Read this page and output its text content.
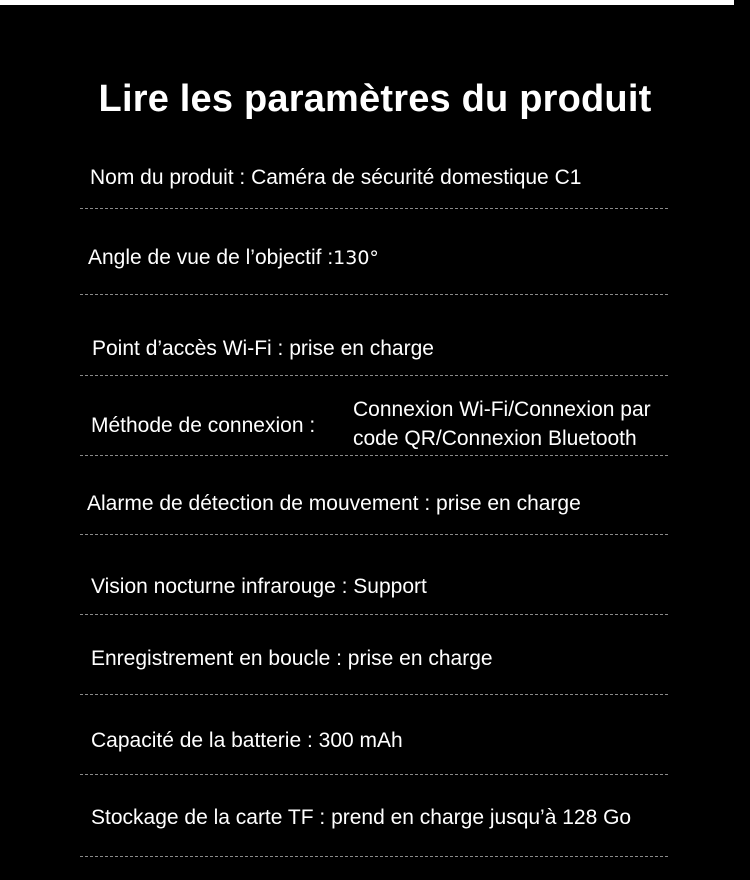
Lire les paramètres du produit
Nom du produit : Caméra de sécurité domestique C1
Angle de vue de l’objectif :130°
Point d’accès Wi-Fi : prise en charge
Méthode de connexion :
Connexion Wi-Fi/Connexion par
code QR/Connexion Bluetooth
Alarme de détection de mouvement : prise en charge
Vision nocturne infrarouge : Support
Enregistrement en boucle : prise en charge
Capacité de la batterie : 300 mAh
Stockage de la carte TF : prend en charge jusqu’à 128 Go
